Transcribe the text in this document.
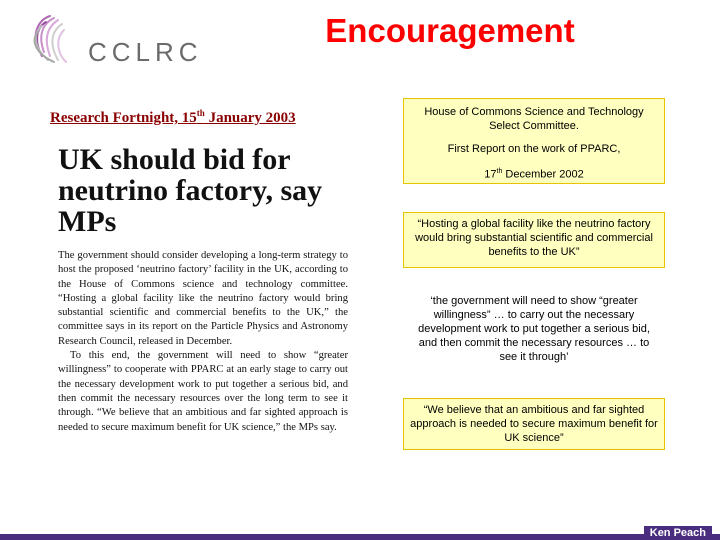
CCLRC
Encouragement
Research Fortnight, 15th January 2003
UK should bid for neutrino factory, say MPs

The government should consider developing a long-term strategy to host the proposed ‘neutrino factory’ facility in the UK, according to the House of Commons science and technology committee. “Hosting a global facility like the neutrino factory would bring substantial scientific and commercial benefits to the UK,” the committee says in its report on the Particle Physics and Astronomy Research Council, released in December.

To this end, the government will need to show “greater willingness” to cooperate with PPARC at an early stage to carry out the necessary development work to put together a serious bid, and then commit the necessary resources over the long term to see it through. “We believe that an ambitious and far sighted approach is needed to secure maximum benefit for UK science,” the MPs say.

House of Commons Science and Technology Select Committee.

First Report on the work of PPARC,

17th December 2002

“Hosting a global facility like the neutrino factory would bring substantial scientific and commercial benefits to the UK”

‘the government will need to show “greater willingness” … to carry out the necessary development work to put together a serious bid, and then commit the necessary resources … to see it through’

“We believe that an ambitious and far sighted approach is needed to secure maximum benefit for UK science”

Ken Peach
